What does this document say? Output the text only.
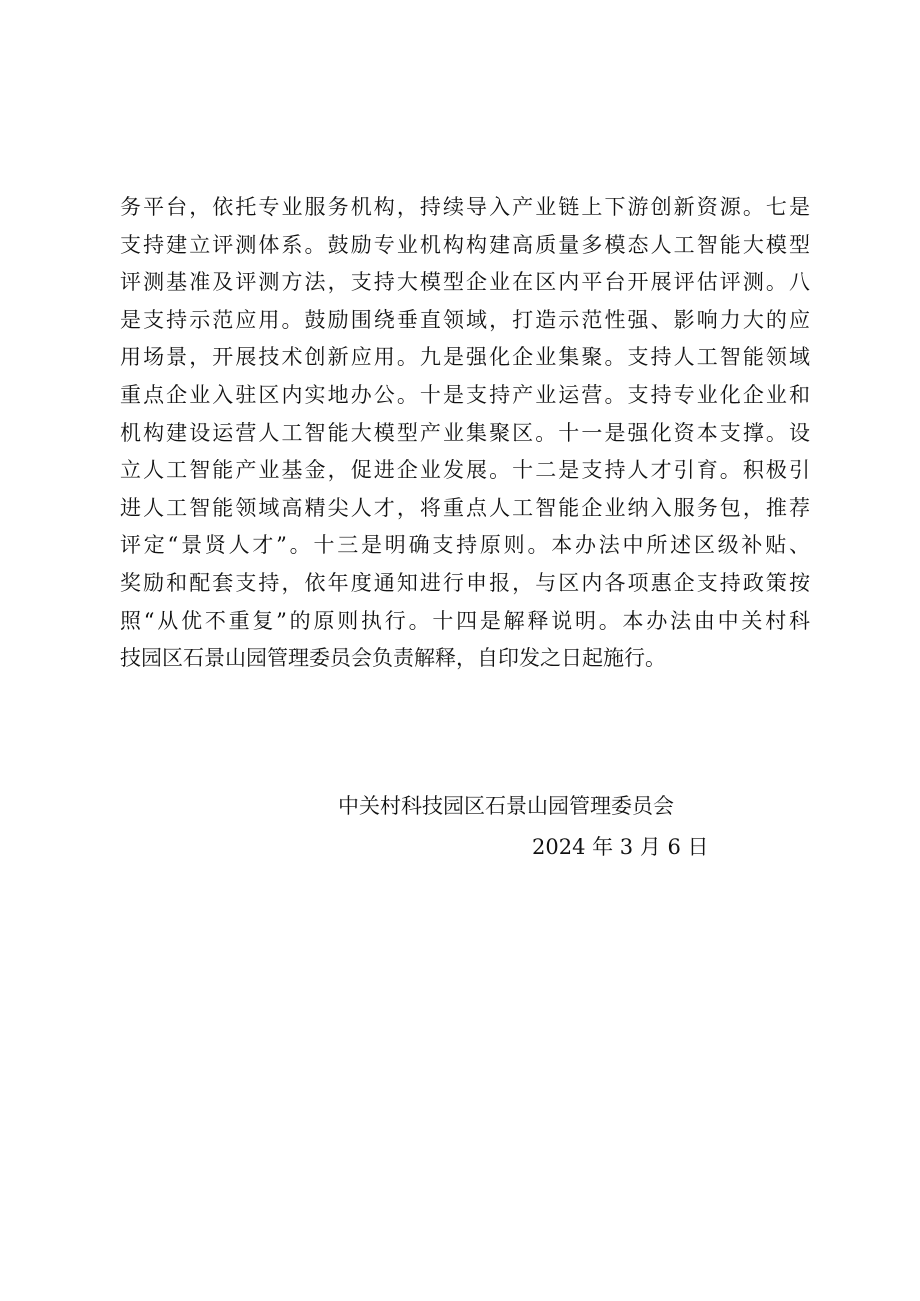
务平台，依托专业服务机构，持续导入产业链上下游创新资源。七是
支持建立评测体系。鼓励专业机构构建高质量多模态人工智能大模型
评测基准及评测方法，支持大模型企业在区内平台开展评估评测。八
是支持示范应用。鼓励围绕垂直领域，打造示范性强、影响力大的应
用场景，开展技术创新应用。九是强化企业集聚。支持人工智能领域
重点企业入驻区内实地办公。十是支持产业运营。支持专业化企业和
机构建设运营人工智能大模型产业集聚区。十一是强化资本支撑。设
立人工智能产业基金，促进企业发展。十二是支持人才引育。积极引
进人工智能领域高精尖人才，将重点人工智能企业纳入服务包，推荐
评定“景贤人才”。十三是明确支持原则。本办法中所述区级补贴、
奖励和配套支持，依年度通知进行申报，与区内各项惠企支持政策按
照“从优不重复”的原则执行。十四是解释说明。本办法由中关村科
技园区石景山园管理委员会负责解释，自印发之日起施行。
中关村科技园区石景山园管理委员会
2024 年 3 月 6 日
